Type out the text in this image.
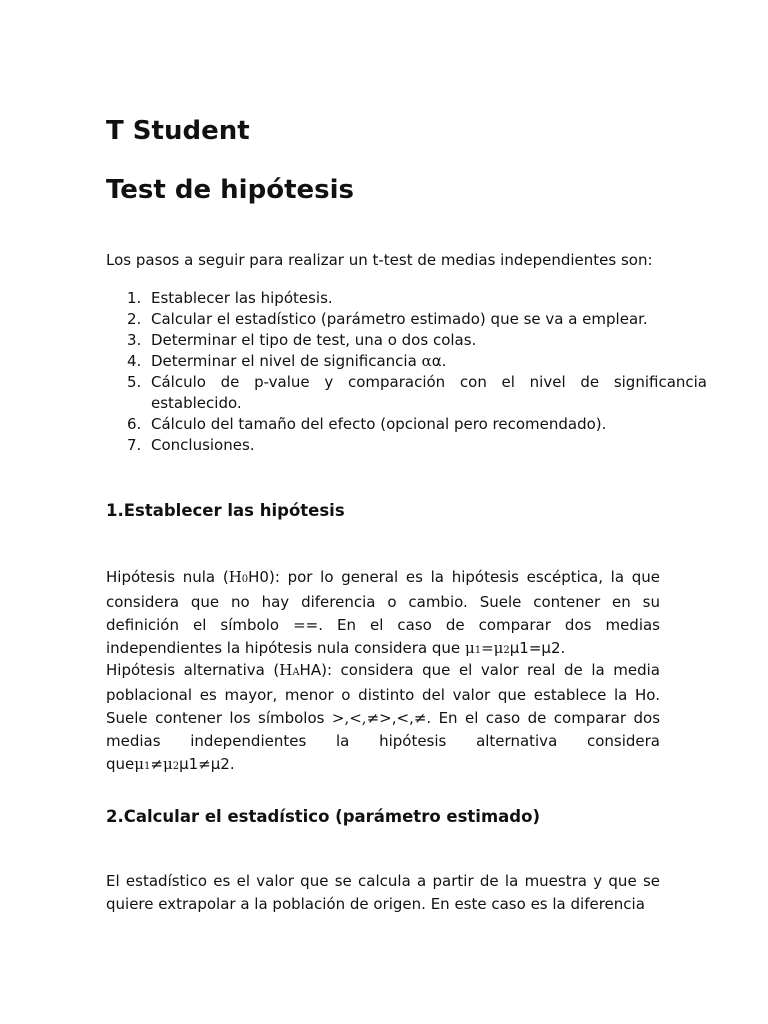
T Student
Test de hipótesis

Los pasos a seguir para realizar un t-test de medias independientes son:

1. Establecer las hipótesis.
2. Calcular el estadístico (parámetro estimado) que se va a emplear.
3. Determinar el tipo de test, una o dos colas.
4. Determinar el nivel de significancia αα.
5. Cálculo de p-value y comparación con el nivel de significancia establecido.
6. Cálculo del tamaño del efecto (opcional pero recomendado).
7. Conclusiones.
1.Establecer las hipótesis

Hipótesis nula (H0H0): por lo general es la hipótesis escéptica, la que considera que no hay diferencia o cambio. Suele contener en su definición el símbolo ==. En el caso de comparar dos medias independientes la hipótesis nula considera que μ1=μ2μ1=μ2.

Hipótesis alternativa (HAHA): considera que el valor real de la media poblacional es mayor, menor o distinto del valor que establece la Ho. Suele contener los símbolos >,<,≠>,<,≠. En el caso de comparar dos medias independientes la hipótesis alternativa considera queμ1≠μ2μ1≠μ2.

2.Calcular el estadístico (parámetro estimado)

El estadístico es el valor que se calcula a partir de la muestra y que se quiere extrapolar a la población de origen. En este caso es la diferencia
